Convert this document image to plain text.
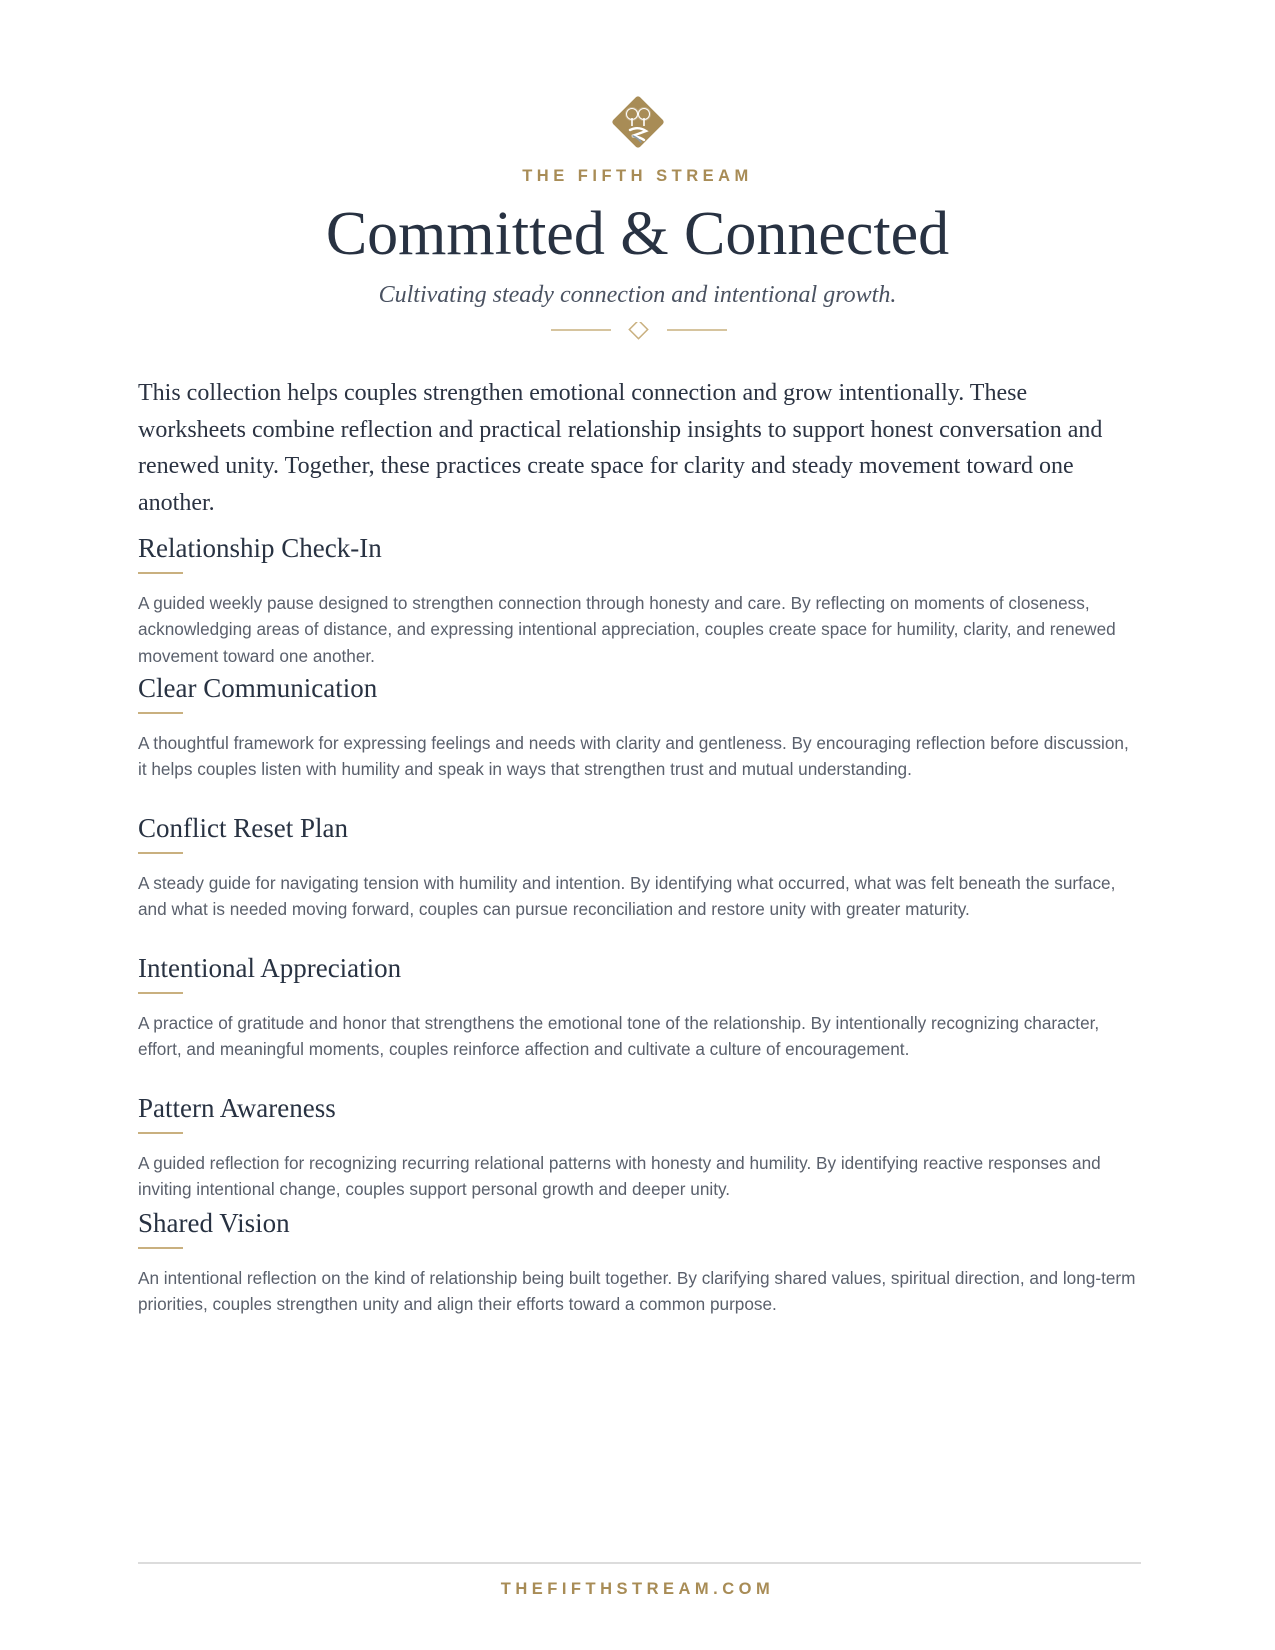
THE FIFTH STREAM
Committed & Connected
Cultivating steady connection and intentional growth.

This collection helps couples strengthen emotional connection and grow intentionally. These worksheets combine reflection and practical relationship insights to support honest conversation and renewed unity. Together, these practices create space for clarity and steady movement toward one another.

Relationship Check-In

A guided weekly pause designed to strengthen connection through honesty and care. By reflecting on moments of closeness, acknowledging areas of distance, and expressing intentional appreciation, couples create space for humility, clarity, and renewed movement toward one another.

Clear Communication

A thoughtful framework for expressing feelings and needs with clarity and gentleness. By encouraging reflection before discussion, it helps couples listen with humility and speak in ways that strengthen trust and mutual understanding.

Conflict Reset Plan

A steady guide for navigating tension with humility and intention. By identifying what occurred, what was felt beneath the surface, and what is needed moving forward, couples can pursue reconciliation and restore unity with greater maturity.

Intentional Appreciation

A practice of gratitude and honor that strengthens the emotional tone of the relationship. By intentionally recognizing character, effort, and meaningful moments, couples reinforce affection and cultivate a culture of encouragement.

Pattern Awareness

A guided reflection for recognizing recurring relational patterns with honesty and humility. By identifying reactive responses and inviting intentional change, couples support personal growth and deeper unity.

Shared Vision

An intentional reflection on the kind of relationship being built together. By clarifying shared values, spiritual direction, and long-term priorities, couples strengthen unity and align their efforts toward a common purpose.

THEFIFTHSTREAM.COM
